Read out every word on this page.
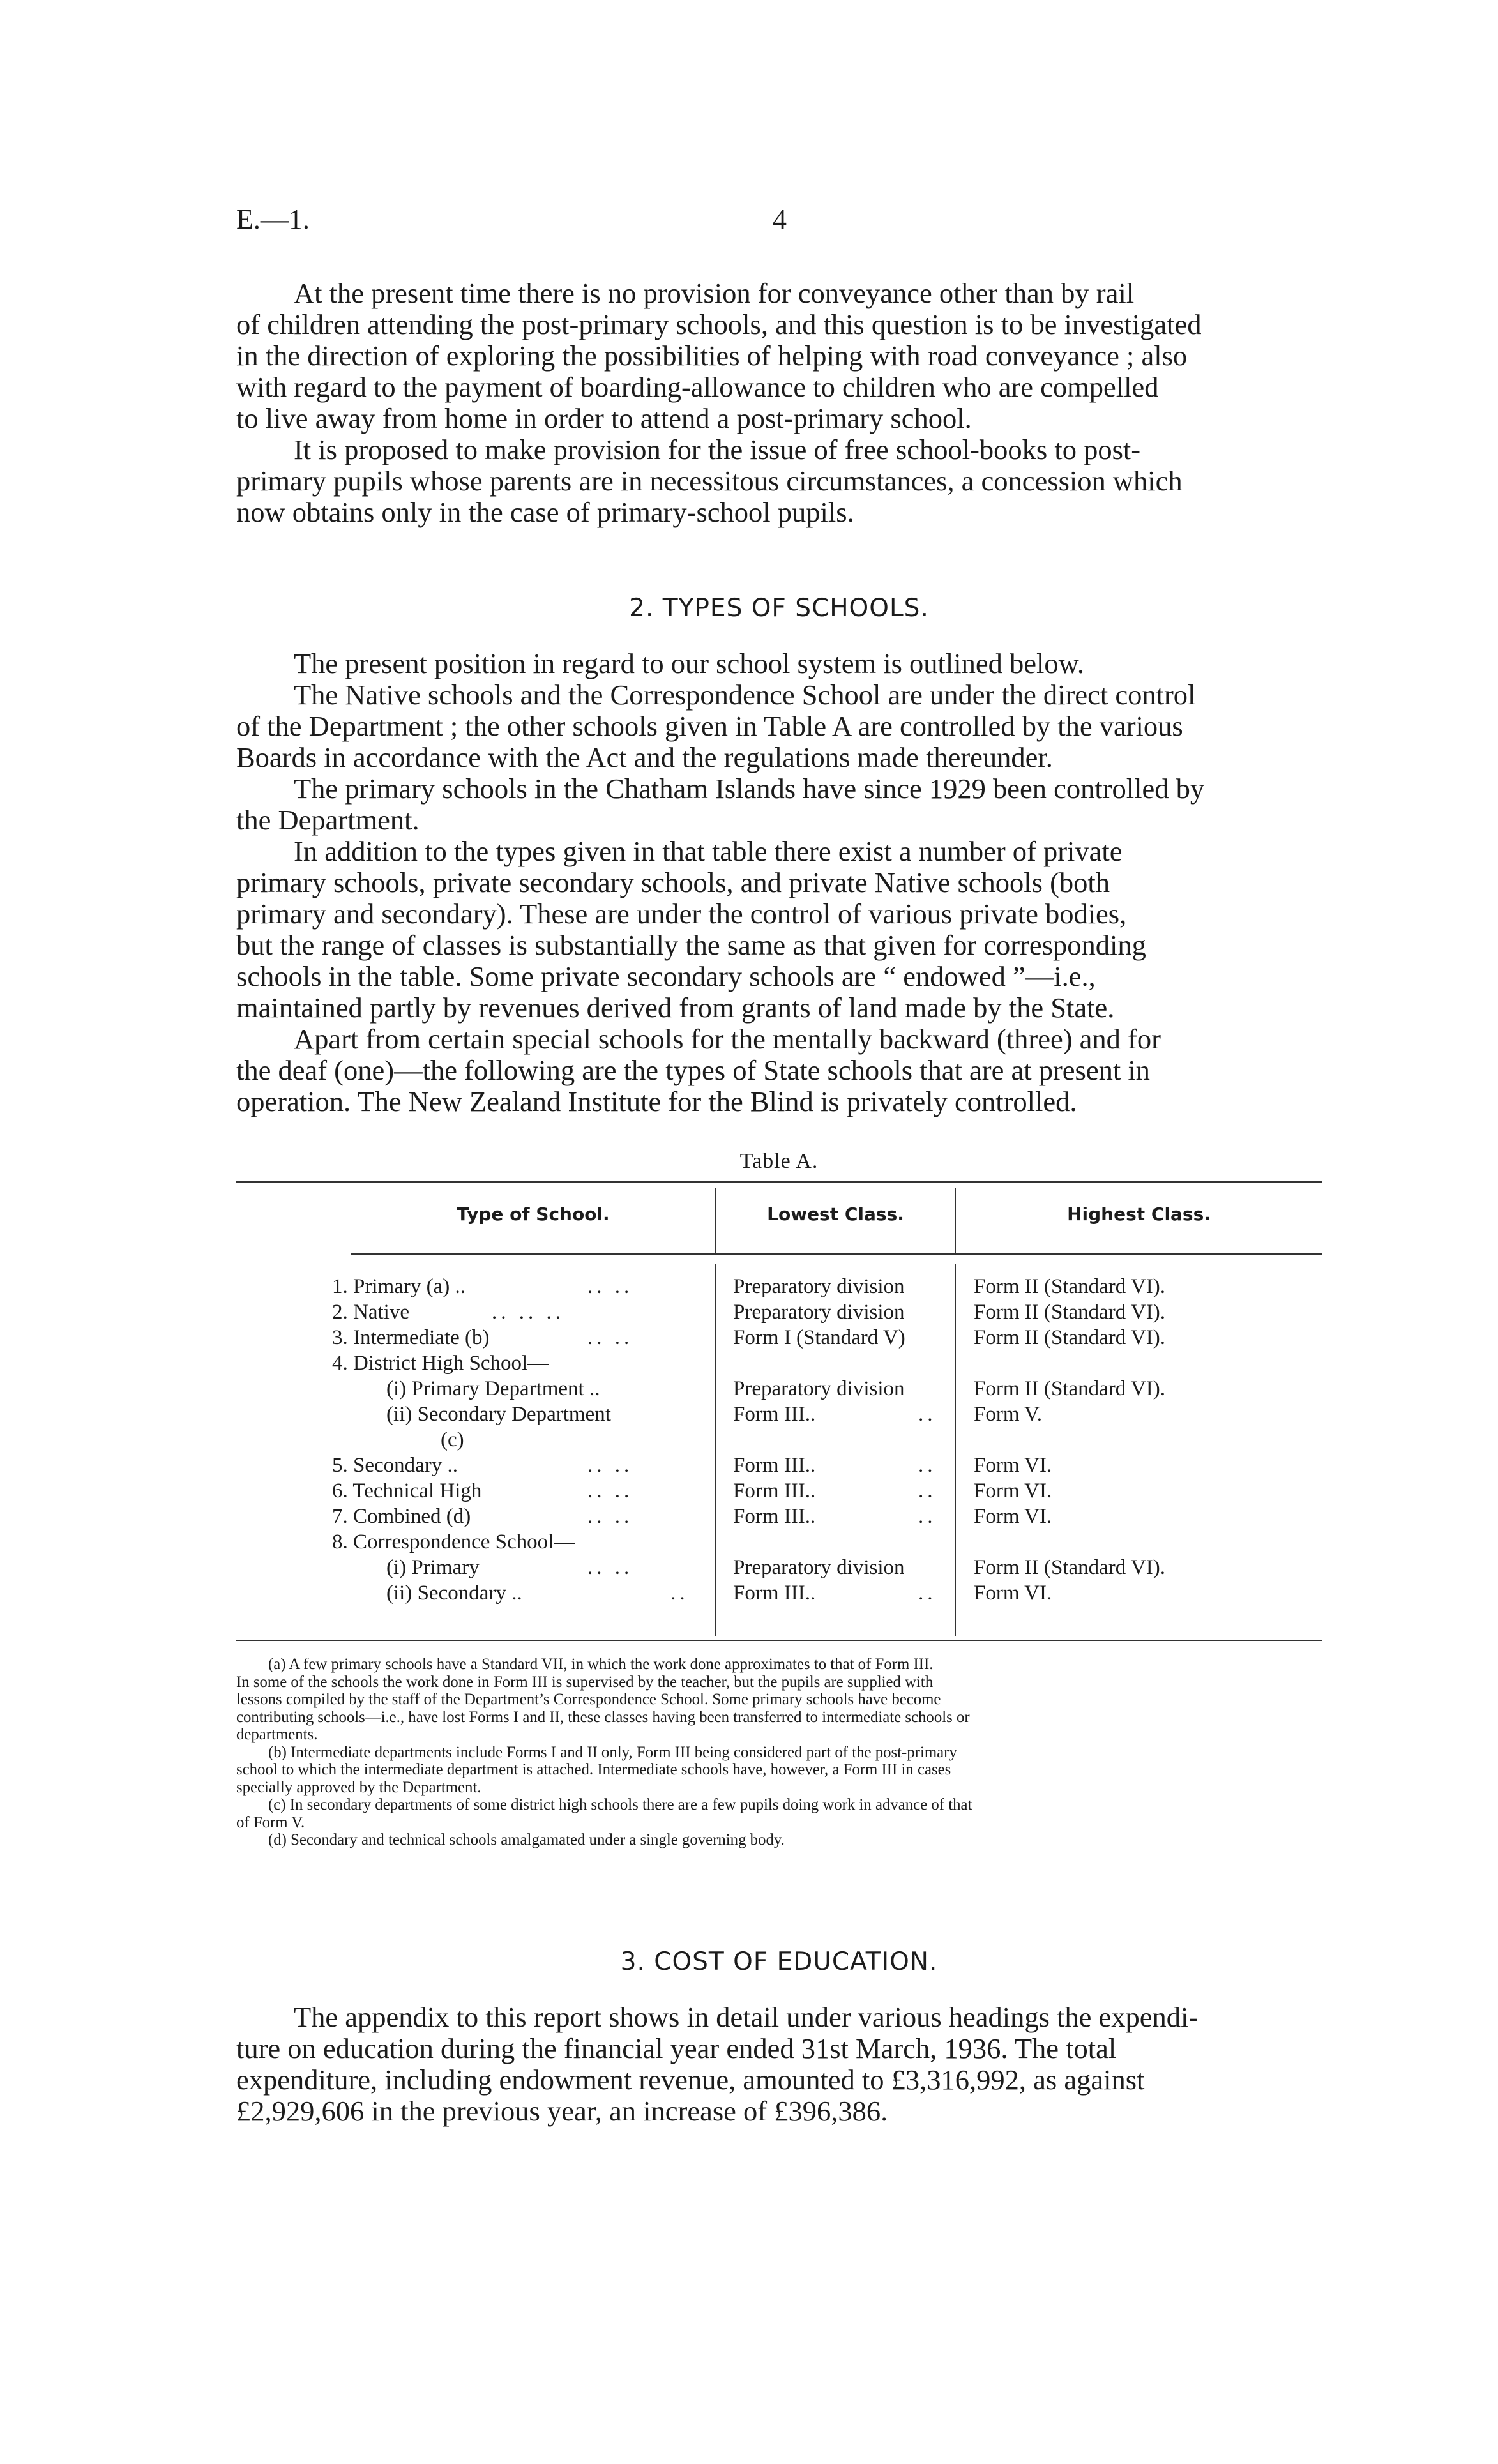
E.—1.	4
At the present time there is no provision for conveyance other than by rail
of children attending the post-primary schools, and this question is to be investigated
in the direction of exploring the possibilities of helping with road conveyance ; also
with regard to the payment of boarding-allowance to children who are compelled
to live away from home in order to attend a post-primary school.
It is proposed to make provision for the issue of free school-books to post-
primary pupils whose parents are in necessitous circumstances, a concession which
now obtains only in the case of primary-school pupils.
2. TYPES OF SCHOOLS.
The present position in regard to our school system is outlined below.
The Native schools and the Correspondence School are under the direct control
of the Department ; the other schools given in Table A are controlled by the various
Boards in accordance with the Act and the regulations made thereunder.
The primary schools in the Chatham Islands have since 1929 been controlled by
the Department.
In addition to the types given in that table there exist a number of private
primary schools, private secondary schools, and private Native schools (both
primary and secondary). These are under the control of various private bodies,
but the range of classes is substantially the same as that given for corresponding
schools in the table. Some private secondary schools are “ endowed ”—i.e.,
maintained partly by revenues derived from grants of land made by the State.
Apart from certain special schools for the mentally backward (three) and for
the deaf (one)—the following are the types of State schools that are at present in
operation. The New Zealand Institute for the Blind is privately controlled.
Table A.
Type of School.	Lowest Class.	Highest Class.
1. Primary (a) ..	.. ..	Preparatory division	Form II (Standard VI).
2. Native	.. .. ..	Preparatory division	Form II (Standard VI).
3. Intermediate (b)	.. ..	Form I (Standard V)	Form II (Standard VI).
4. District High School—
(i) Primary Department ..	Preparatory division	Form II (Standard VI).
(ii) Secondary Department	Form III..	.. Form V.
(c)
5. Secondary ..	.. ..	Form III..	.. Form VI.
6. Technical High	.. ..	Form III..	.. Form VI.
7. Combined (d)	.. ..	Form III..	.. Form VI.
8. Correspondence School—
(i) Primary	.. ..	Preparatory division	Form II (Standard VI).
(ii) Secondary ..	.. Form III..	.. Form VI.

(a) A few primary schools have a Standard VII, in which the work done approximates to that of Form III.
In some of the schools the work done in Form III is supervised by the teacher, but the pupils are supplied with
lessons compiled by the staff of the Department’s Correspondence School. Some primary schools have become
contributing schools—i.e., have lost Forms I and II, these classes having been transferred to intermediate schools or
departments.

(b) Intermediate departments include Forms I and II only, Form III being considered part of the post-primary
school to which the intermediate department is attached. Intermediate schools have, however, a Form III in cases
specially approved by the Department.

(c) In secondary departments of some district high schools there are a few pupils doing work in advance of that
of Form V.

(d) Secondary and technical schools amalgamated under a single governing body.

3. COST OF EDUCATION.
The appendix to this report shows in detail under various headings the expendi-
ture on education during the financial year ended 31st March, 1936. The total
expenditure, including endowment revenue, amounted to £3,316,992, as against
£2,929,606 in the previous year, an increase of £396,386.
